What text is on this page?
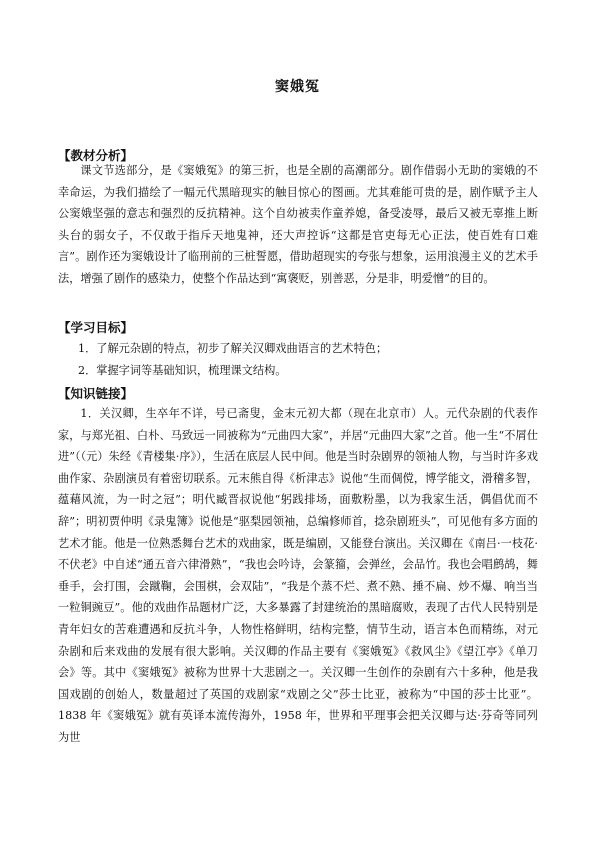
窦娥冤
【教材分析】

课文节选部分，是《窦娥冤》的第三折，也是全剧的高潮部分。剧作借弱小无助的窦娥的不幸命运，为我们描绘了一幅元代黑暗现实的触目惊心的图画。尤其难能可贵的是，剧作赋予主人公窦娥坚强的意志和强烈的反抗精神。这个自幼被卖作童养媳，备受凌辱，最后又被无辜推上断头台的弱女子，不仅敢于指斥天地鬼神，还大声控诉“这都是官吏每无心正法，使百姓有口难言”。剧作还为窦娥设计了临刑前的三桩誓愿，借助超现实的夸张与想象，运用浪漫主义的艺术手法，增强了剧作的感染力，使整个作品达到“寓褒贬，别善恶，分是非，明爱憎”的目的。

【学习目标】
1．了解元杂剧的特点，初步了解关汉卿戏曲语言的艺术特色；
2．掌握字词等基础知识，梳理课文结构。
【知识链接】

1．关汉卿，生卒年不详，号已斋叟，金末元初大都（现在北京市）人。元代杂剧的代表作家，与郑光祖、白朴、马致远一同被称为“元曲四大家”，并居“元曲四大家”之首。他一生“不屑仕进”（（元）朱经《青楼集·序》），生活在底层人民中间。他是当时杂剧界的领袖人物，与当时许多戏曲作家、杂剧演员有着密切联系。元末熊自得《析津志》说他“生而倜傥，博学能文，滑稽多智，蕴藉风流，为一时之冠”；明代臧晋叔说他“躬践排场，面敷粉墨，以为我家生活，偶倡优而不辞”；明初贾仲明《录鬼簿》说他是“驱梨园领袖，总编修师首，捻杂剧班头”，可见他有多方面的艺术才能。他是一位熟悉舞台艺术的戏曲家，既是编剧，又能登台演出。关汉卿在《南吕·一枝花·不伏老》中自述“通五音六律滑熟”，“我也会吟诗，会篆籀，会弹丝，会品竹。我也会唱鹧鸪，舞垂手，会打围，会蹴鞠，会围棋，会双陆”，“我是个蒸不烂、煮不熟、捶不扁、炒不爆、响当当一粒铜豌豆”。他的戏曲作品题材广泛，大多暴露了封建统治的黑暗腐败，表现了古代人民特别是青年妇女的苦难遭遇和反抗斗争，人物性格鲜明，结构完整，情节生动，语言本色而精练，对元杂剧和后来戏曲的发展有很大影响。关汉卿的作品主要有《窦娥冤》《救风尘》《望江亭》《单刀会》等。其中《窦娥冤》被称为世界十大悲剧之一。关汉卿一生创作的杂剧有六十多种，他是我国戏剧的创始人，数量超过了英国的戏剧家“戏剧之父”莎士比亚，被称为“中国的莎士比亚”。1838 年《窦娥冤》就有英译本流传海外，1958 年，世界和平理事会把关汉卿与达·芬奇等同列为世
